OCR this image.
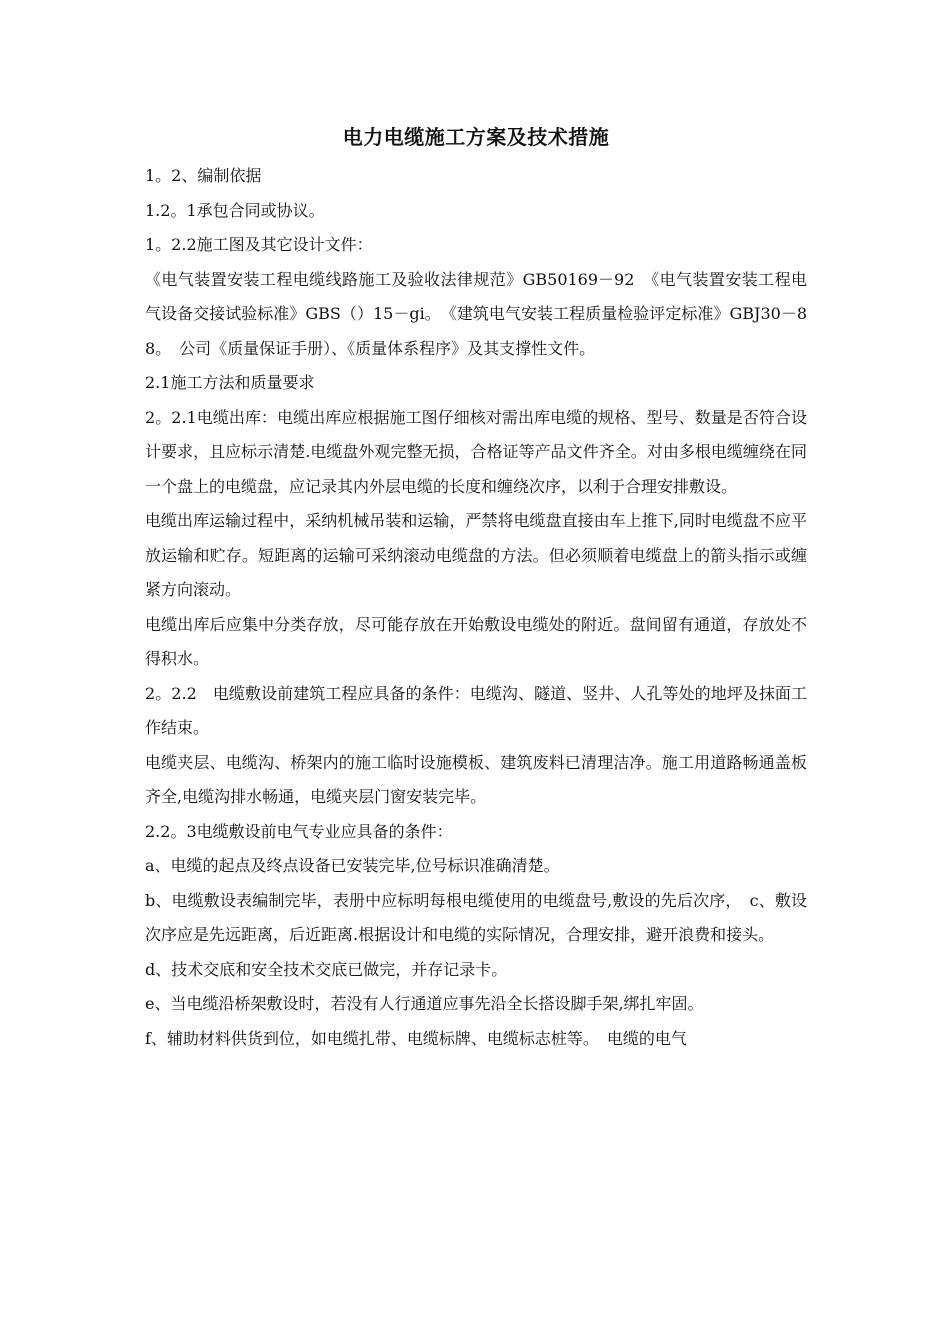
电力电缆施工方案及技术措施

1。2、编制依据

1.2。1承包合同或协议。

1。2.2施工图及其它设计文件：

《电气装置安装工程电缆线路施工及验收法律规范》GB50169－92　《电气装置安装工程电气设备交接试验标准》GBS（）15－gi。　《建筑电气安装工程质量检验评定标准》GBJ30－88。　公司《质量保证手册）、《质量体系程序》及其支撑性文件。

2.1施工方法和质量要求

2。2.1电缆出库：电缆出库应根据施工图仔细核对需出库电缆的规格、型号、数量是否符合设计要求，且应标示清楚.电缆盘外观完整无损，合格证等产品文件齐全。对由多根电缆缠绕在同一个盘上的电缆盘，应记录其内外层电缆的长度和缠绕次序，以利于合理安排敷设。

电缆出库运输过程中，采纳机械吊装和运输，严禁将电缆盘直接由车上推下,同时电缆盘不应平放运输和贮存。短距离的运输可采纳滚动电缆盘的方法。但必须顺着电缆盘上的箭头指示或缠紧方向滚动。

电缆出库后应集中分类存放，尽可能存放在开始敷设电缆处的附近。盘间留有通道，存放处不得积水。

2。2.2　电缆敷设前建筑工程应具备的条件：电缆沟、隧道、竖井、人孔等处的地坪及抹面工作结束。

电缆夹层、电缆沟、桥架内的施工临时设施模板、建筑废料已清理洁净。施工用道路畅通盖板齐全,电缆沟排水畅通，电缆夹层门窗安装完毕。

2.2。3电缆敷设前电气专业应具备的条件：

a、电缆的起点及终点设备已安装完毕,位号标识准确清楚。

b、电缆敷设表编制完毕，表册中应标明每根电缆使用的电缆盘号,敷设的先后次序，　c、敷设次序应是先远距离，后近距离.根据设计和电缆的实际情况，合理安排，避开浪费和接头。

d、技术交底和安全技术交底已做完，并存记录卡。

e、当电缆沿桥架敷设时，若没有人行通道应事先沿全长搭设脚手架,绑扎牢固。

f、辅助材料供货到位，如电缆扎带、电缆标牌、电缆标志桩等。　电缆的电气
